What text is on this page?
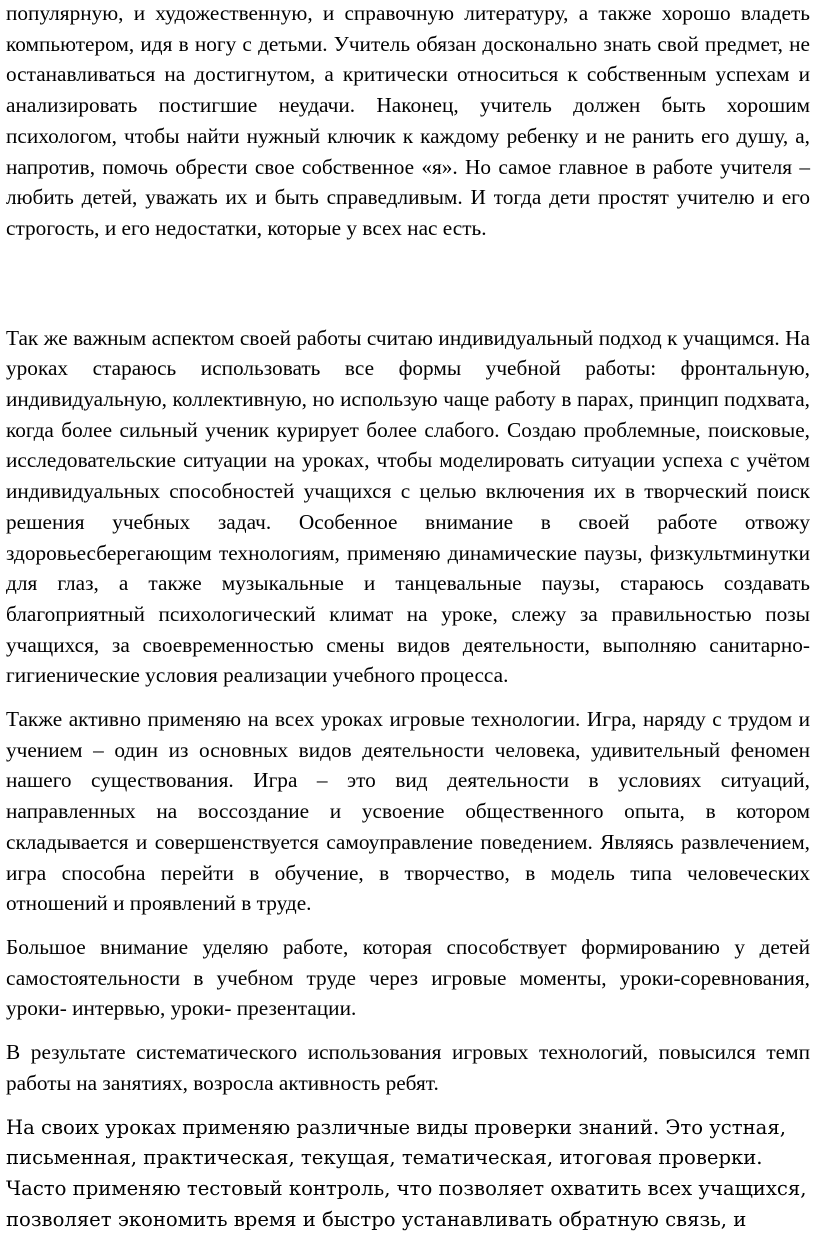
популярную, и художественную, и справочную литературу, а также хорошо владеть компьютером, идя в ногу с детьми. Учитель обязан досконально знать свой предмет, не останавливаться на достигнутом, а критически относиться к собственным успехам и анализировать постигшие неудачи. Наконец, учитель должен быть хорошим психологом, чтобы найти нужный ключик к каждому ребенку и не ранить его душу, а, напротив, помочь обрести свое собственное «я». Но самое главное в работе учителя – любить детей, уважать их и быть справедливым. И тогда дети простят учителю и его строгость, и его недостатки, которые у всех нас есть.

Так же важным аспектом своей работы считаю индивидуальный подход к учащимся. На уроках стараюсь использовать все формы учебной работы: фронтальную, индивидуальную, коллективную, но использую чаще работу в парах, принцип подхвата, когда более сильный ученик курирует более слабого. Создаю проблемные, поисковые, исследовательские ситуации на уроках, чтобы моделировать ситуации успеха с учётом индивидуальных способностей учащихся с целью включения их в творческий поиск решения учебных задач. Особенное внимание в своей работе отвожу здоровьесберегающим технологиям, применяю динамические паузы, физкультминутки для глаз, а также музыкальные и танцевальные паузы, стараюсь создавать благоприятный психологический климат на уроке, слежу за правильностью позы учащихся, за своевременностью смены видов деятельности, выполняю санитарно-гигиенические условия реализации учебного процесса.

Также активно применяю на всех уроках игровые технологии. Игра, наряду с трудом и учением – один из основных видов деятельности человека, удивительный феномен нашего существования. Игра – это вид деятельности в условиях ситуаций, направленных на воссоздание и усвоение общественного опыта, в котором складывается и совершенствуется самоуправление поведением. Являясь развлечением, игра способна перейти в обучение, в творчество, в модель типа человеческих отношений и проявлений в труде.

Большое внимание уделяю работе, которая способствует формированию у детей самостоятельности в учебном труде через игровые моменты, уроки-соревнования, уроки- интервью, уроки- презентации.

В результате систематического использования игровых технологий, повысился темп работы на занятиях, возросла активность ребят.

На своих уроках применяю различные виды проверки знаний. Это устная, письменная, практическая, текущая, тематическая, итоговая проверки. Часто применяю тестовый контроль, что позволяет охватить всех учащихся, позволяет экономить время и быстро устанавливать обратную связь, и
